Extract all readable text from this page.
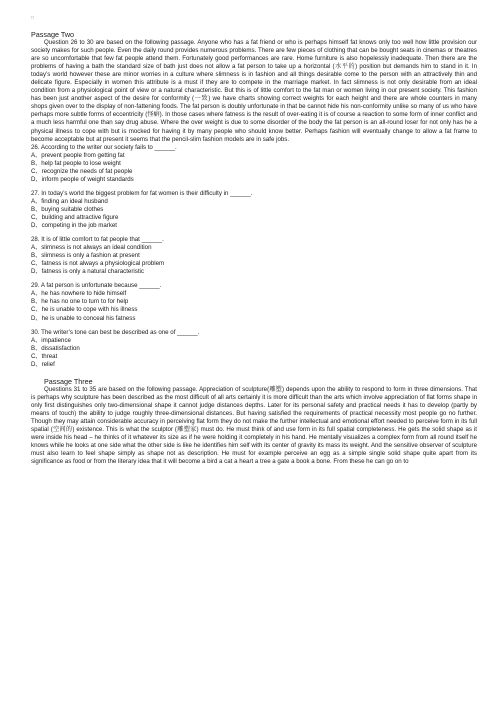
□
Passage Two

Question 26 to 30 are based on the following passage. Anyone who has a fat friend or who is perhaps himself fat knows only too well how little provision our society makes for such people. Even the daily round provides numerous problems. There are few pieces of clothing that can be bought seats in cinemas or theatres are so uncomfortable that few fat people attend them. Fortunately good performances are rare. Home furniture is also hopelessly inadequate. Then there are the problems of having a bath the standard size of bath just does not allow a fat person to take up a horizontal (水平的) position but demands him to stand in it. In today’s world however these are minor worries in a culture where slimness is in fashion and all things desirable come to the person with an attractively thin and delicate figure. Especially in women this attribute is a must if they are to compete in the marriage market. In fact slimness is not only desirable from an ideal condition from a physiological point of view or a natural characteristic. But this is of little comfort to the fat man or women living in our present society. This fashion has been just another aspect of the desire for conformity (一致) we have charts showing correct weights for each height and there are whole counters in many shops given over to the display of non-fattening foods. The fat person is doubly unfortunate in that be cannot hide his non-conformity unlike so many of us who have perhaps more subtle forms of eccentricity (怪癖). In those cases where fatness is the result of over-eating it is of course a reaction to some form of inner conflict and a much less harmful one than say drug abuse. Where the over weight is due to some disorder of the body the fat person is an all-round loser for not only has he a physical illness to cope with but is mocked for having it by many people who should know better. Perhaps fashion will eventually change to allow a fat frame to become acceptable but at present it seems that the pencil-slim fashion models are in safe jobs.

26. According to the writer our society fails to ______.

A、prevent people from getting fat

B、help fat people to lose weight

C、recognize the needs of fat people

D、inform people of weight standards

27. In today’s world the biggest problem for fat women is their difficulty in ______.

A、finding an ideal husband

B、buying suitable clothes

C、building and attractive figure

D、competing in the job market

28. It is of little comfort to fat people that ______.

A、slimness is not always an ideal condition

B、slimness is only a fashion at present

C、fatness is not always a physiological problem

D、fatness is only a natural characteristic

29. A fat person is unfortunate because ______.

A、he has nowhere to hide himself

B、he has no one to turn to for help

C、he is unable to cope with his illness

D、he is unable to conceal his fatness

30. The writer’s tone can best be described as one of ______.

A、impatience

B、dissatisfaction

C、threat

D、relief

Passage Three

Questions 31 to 35 are based on the following passage. Appreciation of sculpture(雕塑) depends upon the ability to respond to form in three dimensions. That is perhaps why sculpture has been described as the most difficult of all arts certainly it is more difficult than the arts which involve appreciation of flat forms shape in only first distinguishes only two-dimensional shape it cannot judge distances depths. Later for its personal safety and practical needs it has to develop (partly by means of touch) the ability to judge roughly three-dimensional distances. But having satisfied the requirements of practical necessity most people go no further. Though they may attain considerable accuracy in perceiving flat form they do not make the further intellectual and emotional effort needed to perceive form in its full spatial (空间的) existence. This is what the sculptor (雕塑家) must do. He must think of and use form in its full spatial completeness. He gets the solid shape as it were inside his head – he thinks of it whatever its size as if he were holding it completely in his hand. He mentally visualizes a complex form from all round itself he knows while he looks at one side what the other side is like he identifies him self with its center of gravity its mass its weight. And the sensitive observer of sculpture must also learn to feel shape simply as shape not as description. He must for example perceive an egg as a simple single solid shape quite apart from its significance as food or from the literary idea that it will become a bird a cat a heart a tree a gate a book a bone. From these he can go on to
